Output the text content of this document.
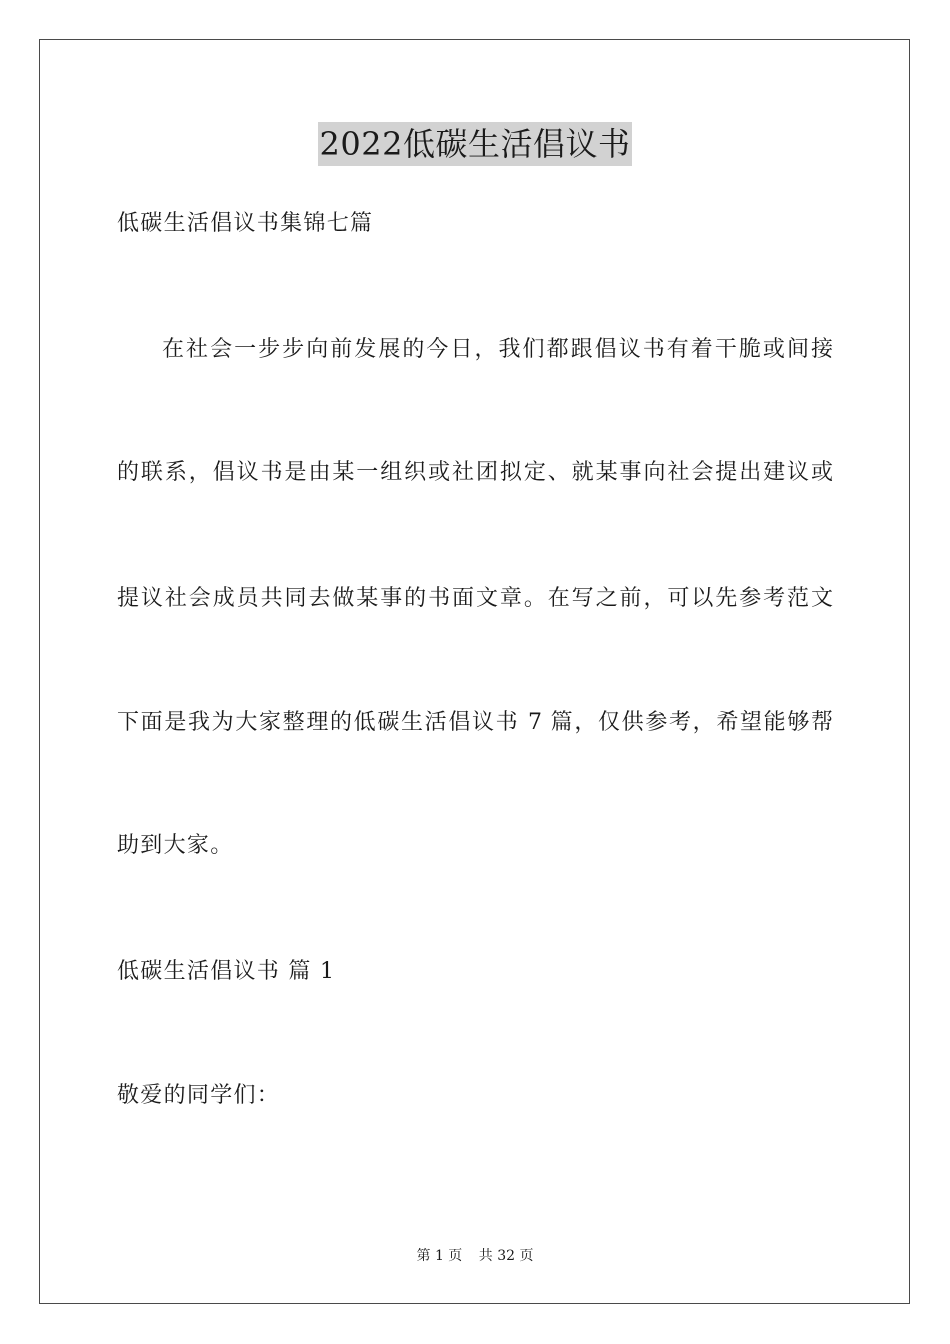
2022低碳生活倡议书
低碳生活倡议书集锦七篇
在社会一步步向前发展的今日，我们都跟倡议书有着干脆或间接
的联系，倡议书是由某一组织或社团拟定、就某事向社会提出建议或
提议社会成员共同去做某事的书面文章。在写之前，可以先参考范文
下面是我为大家整理的低碳生活倡议书 7 篇，仅供参考，希望能够帮
助到大家。
低碳生活倡议书 篇 1
敬爱的同学们：
第 1 页 共 32 页
